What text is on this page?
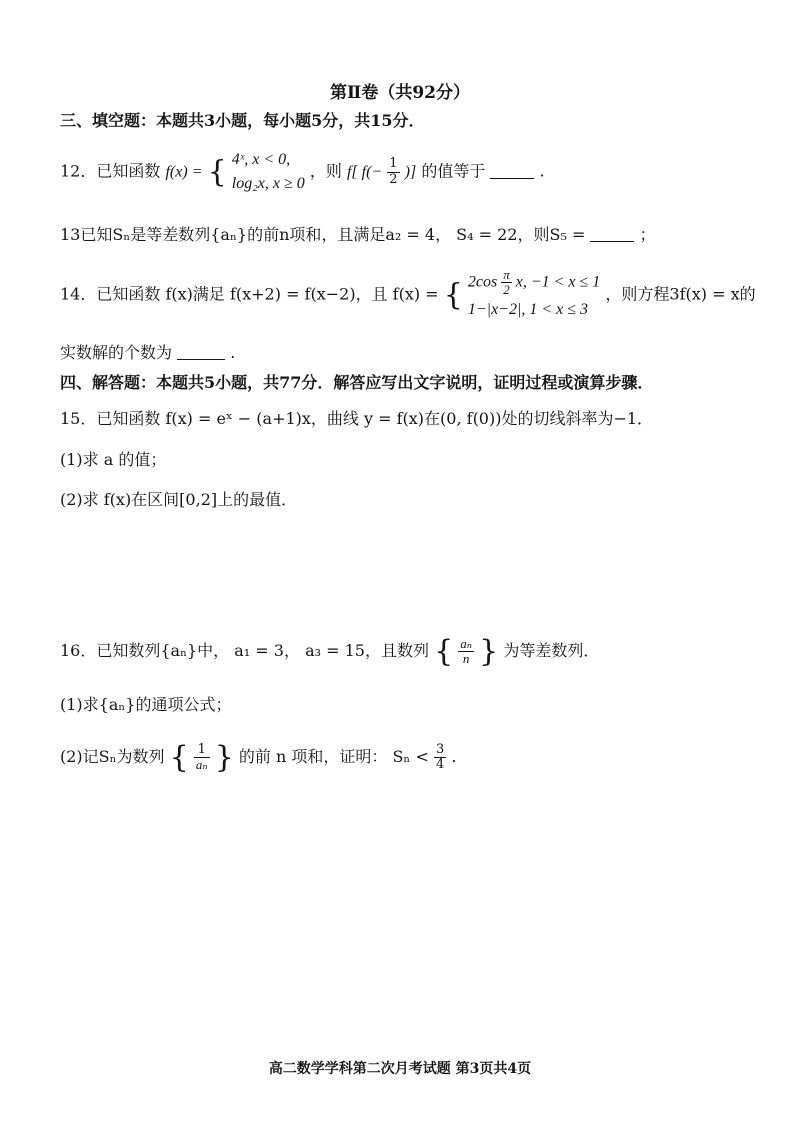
第Ⅱ卷（共92分）
三、填空题：本题共3小题，每小题5分，共15分．
12．已知函数 f(x) = { 4ˣ, x < 0,
log₂x, x ≥ 0
，则 f[ $f(- \frac{1}{2}$ )] 的值等于	.
13已知Sₙ是等差数列{aₙ}的前n项和，且满足a₂ = 4， S₄ = 22，则S₅ =	；
14．已知函数 f(x)满足 f(x+2) = f(x−2)，且 f(x) = { $2\cos \frac{\pi}{2} x$, −1 < x ≤ 1
1−|x−2|, 1 < x ≤ 3
，则方程3f(x) = x的
实数解的个数为	.
四、解答题：本题共5小题，共77分．解答应写出文字说明，证明过程或演算步骤．
15．已知函数 f(x) = eˣ − (a+1)x，曲线 y = f(x)在(0, f(0))处的切线斜率为−1．
(1)求 a 的值；
(2)求 f(x)在区间[0,2]上的最值．
16．已知数列{aₙ}中， a₁ = 3， a₃ = 15，且数列 { $\frac{\text{aₙ}}{n}$ } 为等差数列．
(1)求{aₙ}的通项公式；
(2)记Sₙ为数列 { $\frac{1}{\text{aₙ}}$ } 的前 n 项和，证明： $S_n < \frac{3}{4}$ .
高二数学学科第二次月考试题 第3页共4页
